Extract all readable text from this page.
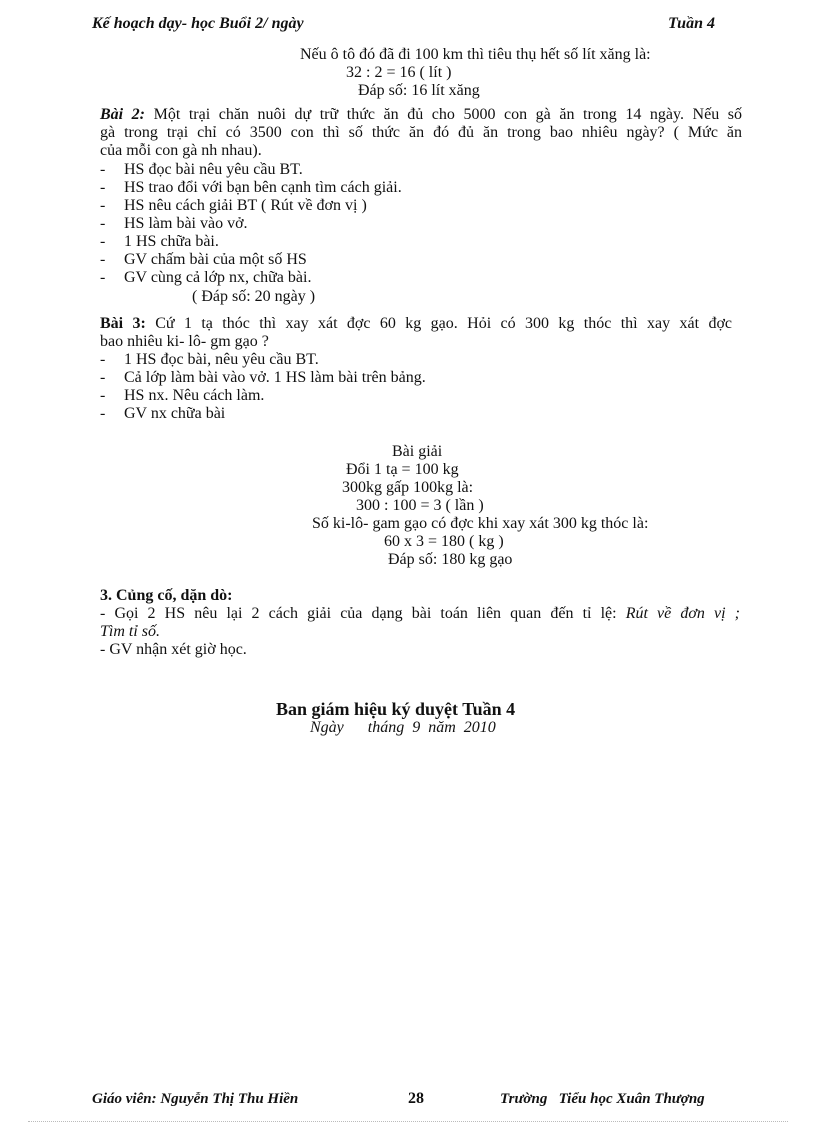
Kế hoạch dạy- học Buổi 2/ ngày	Tuần 4
Nếu ô tô đó đã đi 100 km thì tiêu thụ hết số lít xăng là:
32 : 2 = 16 ( lít )
Đáp số: 16 lít xăng
Bài 2: Một trại chăn nuôi dự trữ thức ăn đủ cho 5000 con gà ăn trong 14 ngày. Nếu số
gà trong trại chỉ có 3500 con thì số thức ăn đó đủ ăn trong bao nhiêu ngày? ( Mức ăn
của mỗi con gà nh nhau).
- HS đọc bài nêu yêu cầu BT.
- HS trao đổi với bạn bên cạnh tìm cách giải.
- HS nêu cách giải BT ( Rút về đơn vị )
- HS làm bài vào vở.
- 1 HS chữa bài.
- GV chấm bài của một số HS
- GV cùng cả lớp nx, chữa bài.
( Đáp số: 20 ngày )
Bài 3: Cứ 1 tạ thóc thì xay xát đợc 60 kg gạo. Hỏi có 300 kg thóc thì xay xát đợc
bao nhiêu ki- lô- gm gạo ?
- 1 HS đọc bài, nêu yêu cầu BT.
- Cả lớp làm bài vào vở. 1 HS làm bài trên bảng.
- HS nx. Nêu cách làm.
- GV nx chữa bài
Bài giải
Đổi 1 tạ = 100 kg
300kg gấp 100kg là:
300 : 100 = 3 ( lần )
Số ki-lô- gam gạo có đợc khi xay xát 300 kg thóc là:
60 x 3 = 180 ( kg )
Đáp số: 180 kg gạo
3. Củng cố, dặn dò:
- Gọi 2 HS nêu lại 2 cách giải của dạng bài toán liên quan đến tỉ lệ: Rút về đơn vị ;
Tìm tỉ số.
- GV nhận xét giờ học.
Ban giám hiệu ký duyệt Tuần 4
Ngày      tháng  9  năm  2010
Giáo viên: Nguyễn Thị Thu Hiền	28	Trường   Tiểu học Xuân Thượng
